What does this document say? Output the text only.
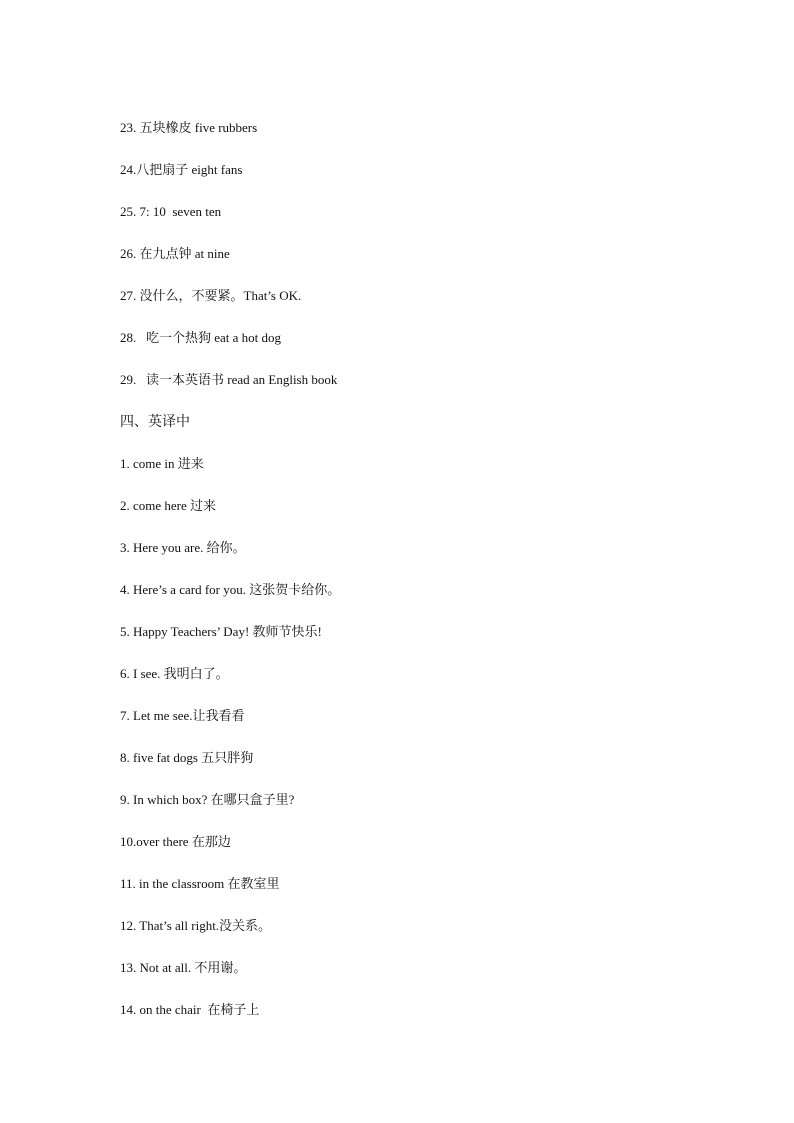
23. 五块橡皮 five rubbers
24.八把扇子 eight fans
25. 7: 10  seven ten
26. 在九点钟 at nine
27. 没什么，不要紧。That’s OK.
28.   吃一个热狗 eat a hot dog
29.   读一本英语书 read an English book
四、英译中
1. come in 进来
2. come here 过来
3. Here you are. 给你。
4. Here’s a card for you. 这张贺卡给你。
5. Happy Teachers’ Day! 教师节快乐!
6. I see. 我明白了。
7. Let me see.让我看看
8. five fat dogs 五只胖狗
9. In which box? 在哪只盒子里?
10.over there 在那边
11. in the classroom 在教室里
12. That’s all right.没关系。
13. Not at all. 不用谢。
14. on the chair  在椅子上
